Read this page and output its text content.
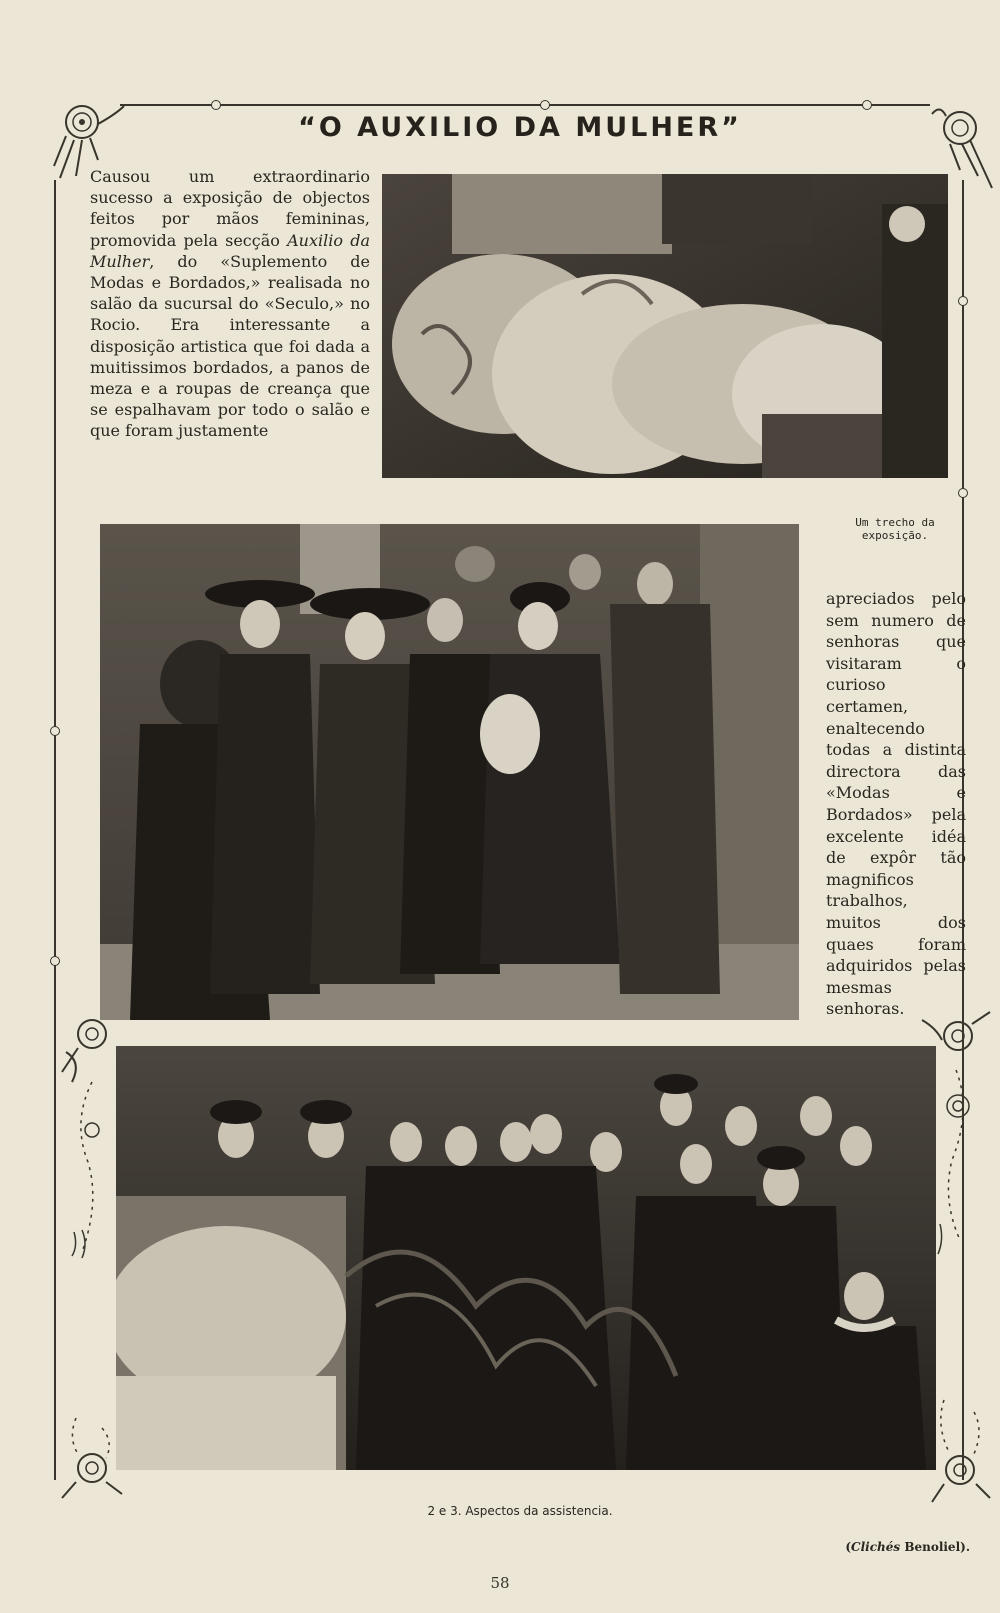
“O AUXILIO DA MULHER”
Causou um extraordinario sucesso a exposição de objectos feitos por mãos femininas, promovida pela secção Auxilio da Mulher, do «Suplemento de Modas e Bordados,» realisada no salão da sucursal do «Seculo,» no Rocio. Era interessante a disposição artistica que foi dada a muitissimos bordados, a panos de meza e a roupas de creança que se espalhavam por todo o salão e que foram justamente
Um trecho da exposição.
apreciados pelo sem numero de senhoras que visitaram o curioso certamen, enaltecendo todas a distinta directora das «Modas e Bordados» pela excelente idéa de expôr tão magnificos trabalhos, muitos dos quaes foram adquiridos pelas mesmas senhoras.
2 e 3. Aspectos da assistencia.
(Clichés Benoliel).
58
